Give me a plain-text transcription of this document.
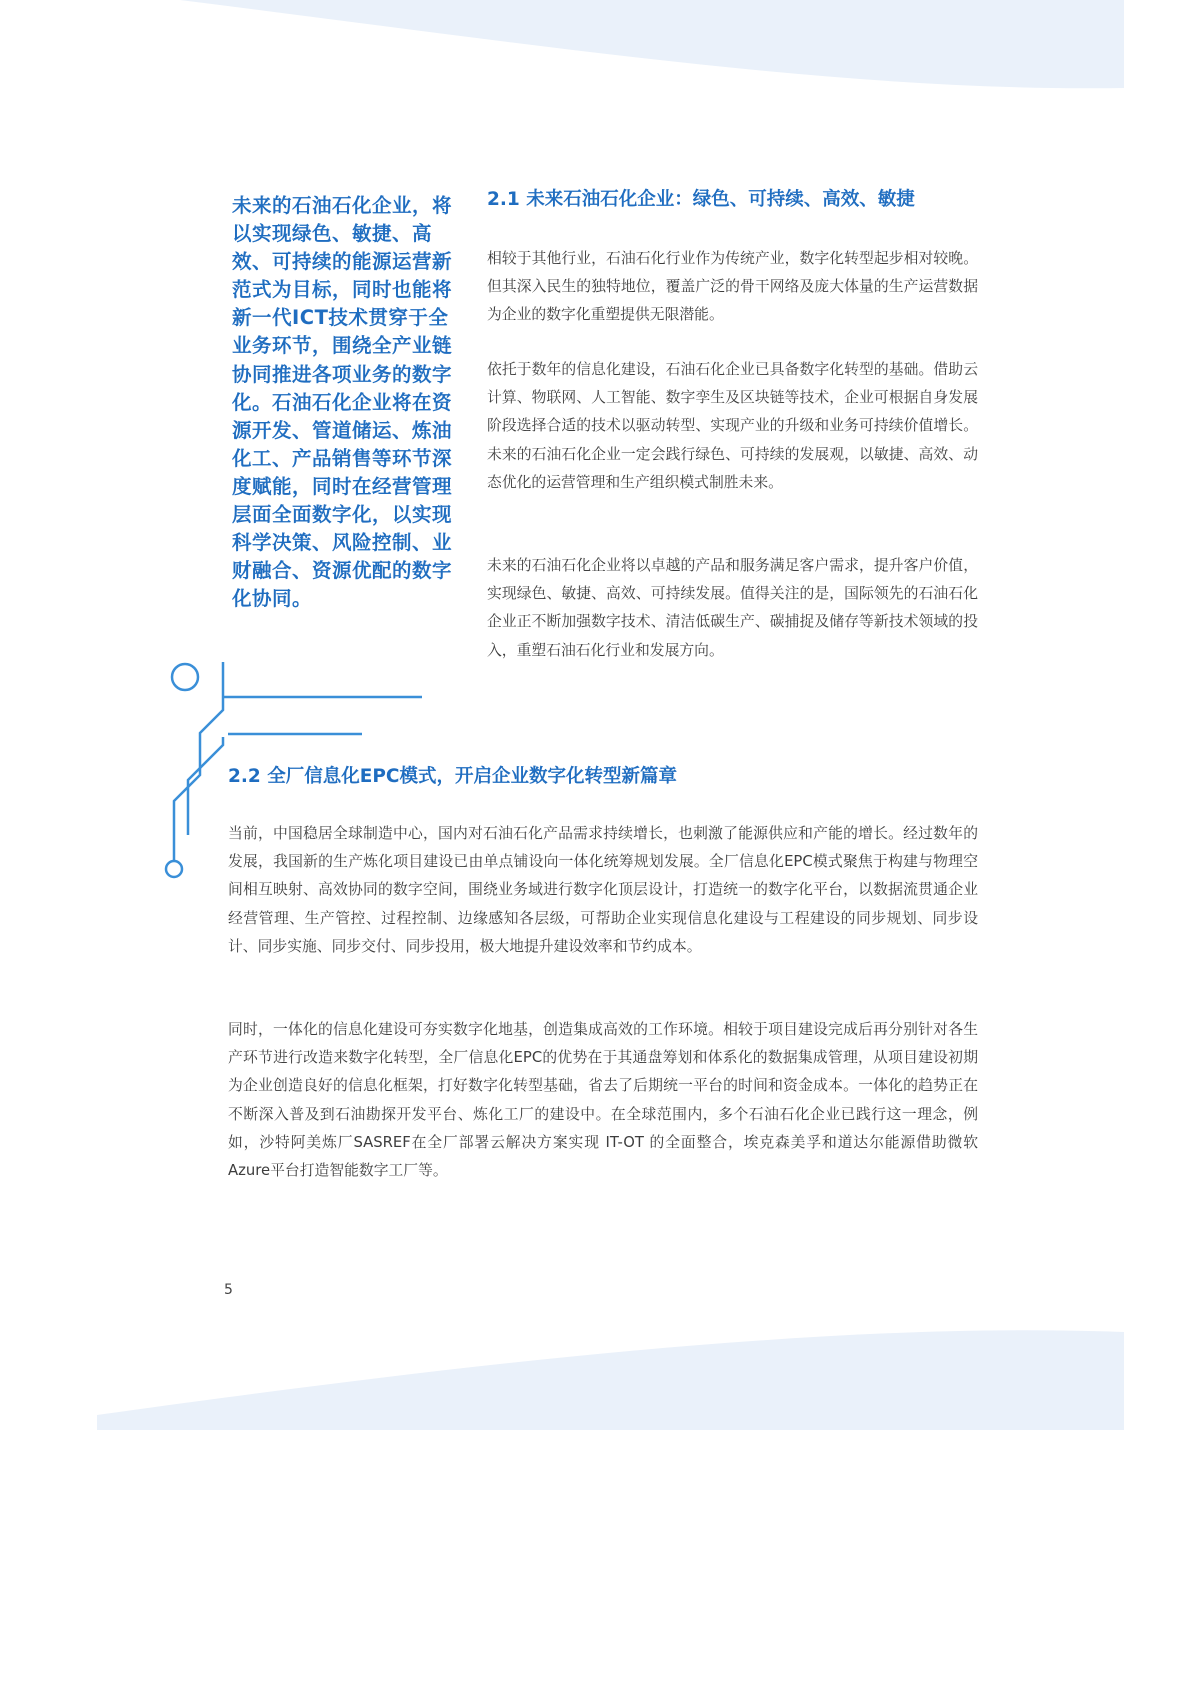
未来的石油石化企业，将以实现绿色、敏捷、高效、可持续的能源运营新范式为目标，同时也能将新一代ICT技术贯穿于全业务环节，围绕全产业链协同推进各项业务的数字化。石油石化企业将在资源开发、管道储运、炼油化工、产品销售等环节深度赋能，同时在经营管理层面全面数字化，以实现科学决策、风险控制、业财融合、资源优配的数字化协同。
2.1 未来石油石化企业：绿色、可持续、高效、敏捷

相较于其他行业，石油石化行业作为传统产业，数字化转型起步相对较晚。但其深入民生的独特地位，覆盖广泛的骨干网络及庞大体量的生产运营数据为企业的数字化重塑提供无限潜能。

依托于数年的信息化建设，石油石化企业已具备数字化转型的基础。借助云计算、物联网、人工智能、数字孪生及区块链等技术，企业可根据自身发展阶段选择合适的技术以驱动转型、实现产业的升级和业务可持续价值增长。未来的石油石化企业一定会践行绿色、可持续的发展观，以敏捷、高效、动态优化的运营管理和生产组织模式制胜未来。

未来的石油石化企业将以卓越的产品和服务满足客户需求，提升客户价值，实现绿色、敏捷、高效、可持续发展。值得关注的是，国际领先的石油石化企业正不断加强数字技术、清洁低碳生产、碳捕捉及储存等新技术领域的投入，重塑石油石化行业和发展方向。

2.2 全厂信息化EPC模式，开启企业数字化转型新篇章

当前，中国稳居全球制造中心，国内对石油石化产品需求持续增长，也刺激了能源供应和产能的增长。经过数年的发展，我国新的生产炼化项目建设已由单点铺设向一体化统筹规划发展。全厂信息化EPC模式聚焦于构建与物理空间相互映射、高效协同的数字空间，围绕业务域进行数字化顶层设计，打造统一的数字化平台，以数据流贯通企业经营管理、生产管控、过程控制、边缘感知各层级，可帮助企业实现信息化建设与工程建设的同步规划、同步设计、同步实施、同步交付、同步投用，极大地提升建设效率和节约成本。

同时，一体化的信息化建设可夯实数字化地基，创造集成高效的工作环境。相较于项目建设完成后再分别针对各生产环节进行改造来数字化转型，全厂信息化EPC的优势在于其通盘筹划和体系化的数据集成管理，从项目建设初期为企业创造良好的信息化框架，打好数字化转型基础，省去了后期统一平台的时间和资金成本。一体化的趋势正在不断深入普及到石油勘探开发平台、炼化工厂的建设中。在全球范围内，多个石油石化企业已践行这一理念，例如，沙特阿美炼厂SASREF在全厂部署云解决方案实现 IT-OT 的全面整合，埃克森美孚和道达尔能源借助微软Azure平台打造智能数字工厂等。

5
